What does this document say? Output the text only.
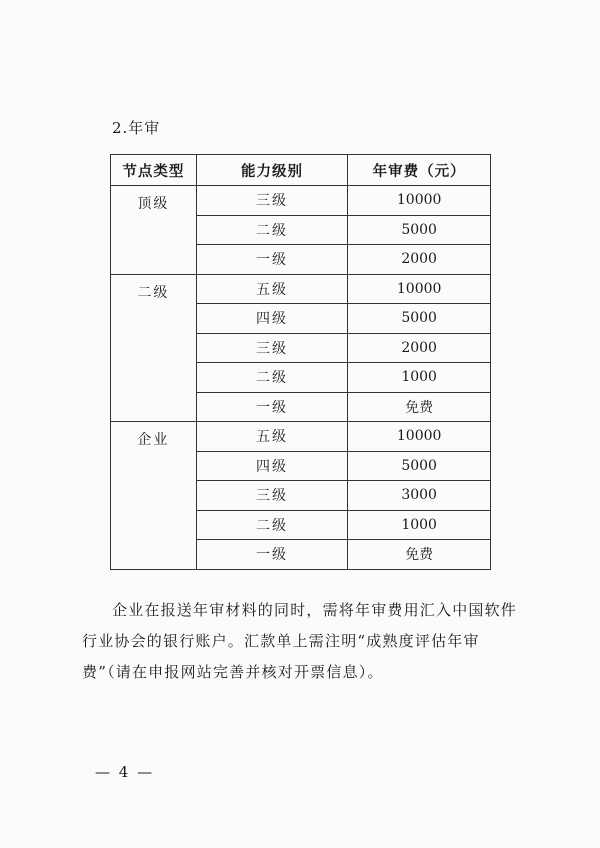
2.年审
节点类型	能力级别	年审费（元）
顶级	三级	10000
	二级	5000
	一级	2000
二级	五级	10000
	四级	5000
	三级	2000
	二级	1000
	一级	免费
企业	五级	10000
	四级	5000
	三级	3000
	二级	1000
	一级	免费
企业在报送年审材料的同时，需将年审费用汇入中国软件行业协会的银行账户。汇款单上需注明“成熟度评估年审费”（请在申报网站完善并核对开票信息）。
— 4 —
